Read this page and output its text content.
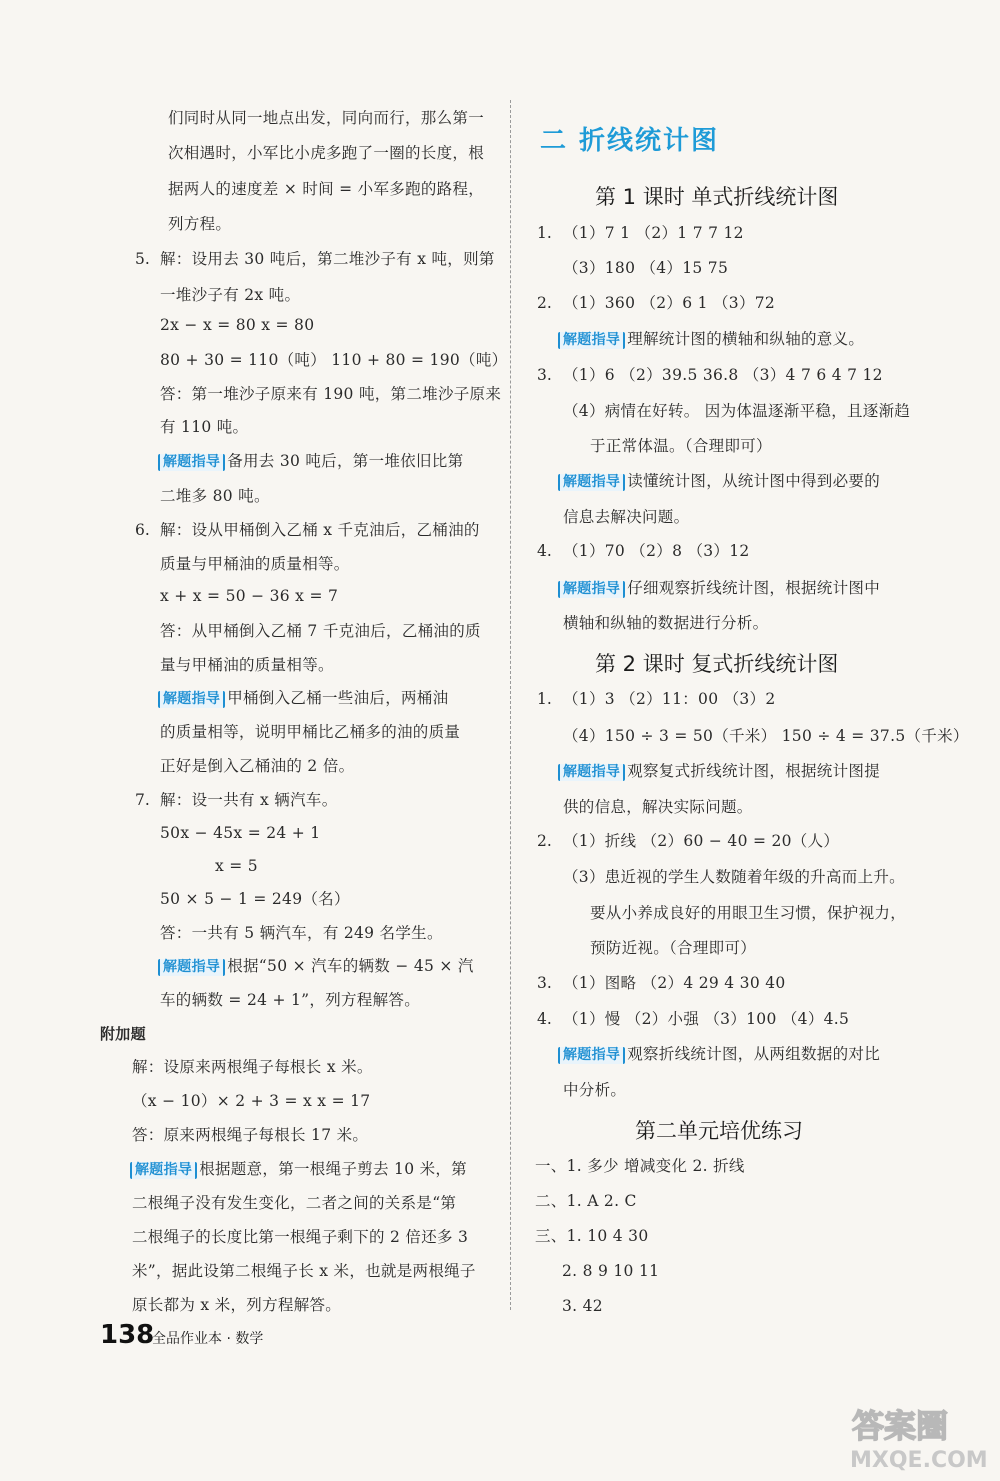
们同时从同一地点出发，同向而行，那么第一
次相遇时，小军比小虎多跑了一圈的长度，根
据两人的速度差 × 时间 = 小军多跑的路程，
列方程。
5. 解：设用去 30 吨后，第二堆沙子有 x 吨，则第
一堆沙子有 2x 吨。
2x − x = 80 x = 80
80 + 30 = 110（吨） 110 + 80 = 190（吨）
答：第一堆沙子原来有 190 吨，第二堆沙子原来
有 110 吨。
解题指导 备用去 30 吨后，第一堆依旧比第
二堆多 80 吨。
6. 解：设从甲桶倒入乙桶 x 千克油后，乙桶油的
质量与甲桶油的质量相等。
x + x = 50 − 36 x = 7
答：从甲桶倒入乙桶 7 千克油后，乙桶油的质
量与甲桶油的质量相等。
解题指导 甲桶倒入乙桶一些油后，两桶油
的质量相等，说明甲桶比乙桶多的油的质量
正好是倒入乙桶油的 2 倍。
7. 解：设一共有 x 辆汽车。
50x − 45x = 24 + 1
x = 5
50 × 5 − 1 = 249（名）
答：一共有 5 辆汽车，有 249 名学生。
解题指导 根据“50 × 汽车的辆数 − 45 × 汽
车的辆数 = 24 + 1”，列方程解答。
附加题
解：设原来两根绳子每根长 x 米。
（x − 10）× 2 + 3 = x x = 17
答：原来两根绳子每根长 17 米。
解题指导 根据题意，第一根绳子剪去 10 米，第
二根绳子没有发生变化，二者之间的关系是“第
二根绳子的长度比第一根绳子剩下的 2 倍还多 3
米”，据此设第二根绳子长 x 米，也就是两根绳子
原长都为 x 米，列方程解答。
二 折线统计图
第 1 课时 单式折线统计图
1. （1）7 1 （2）1 7 7 12
（3）180 （4）15 75
2. （1）360 （2）6 1 （3）72
解题指导 理解统计图的横轴和纵轴的意义。
3. （1）6 （2）39.5 36.8 （3）4 7 6 4 7 12
（4）病情在好转。 因为体温逐渐平稳，且逐渐趋
于正常体温。（合理即可）
解题指导 读懂统计图，从统计图中得到必要的
信息去解决问题。
4. （1）70 （2）8 （3）12
解题指导 仔细观察折线统计图，根据统计图中
横轴和纵轴的数据进行分析。
第 2 课时 复式折线统计图
1. （1）3 （2）11：00 （3）2
（4）150 ÷ 3 = 50（千米） 150 ÷ 4 = 37.5（千米）
解题指导 观察复式折线统计图，根据统计图提
供的信息，解决实际问题。
2. （1）折线 （2）60 − 40 = 20（人）
（3）患近视的学生人数随着年级的升高而上升。
要从小养成良好的用眼卫生习惯，保护视力，
预防近视。（合理即可）
3. （1）图略 （2）4 29 4 30 40
4. （1）慢 （2）小强 （3）100 （4）4.5
解题指导 观察折线统计图，从两组数据的对比
中分析。
第二单元培优练习
一、1. 多少 增减变化 2. 折线
二、1. A 2. C
三、1. 10 4 30
2. 8 9 10 11
3. 42
138
全品作业本 · 数学
答案圈
MXQE.COM
